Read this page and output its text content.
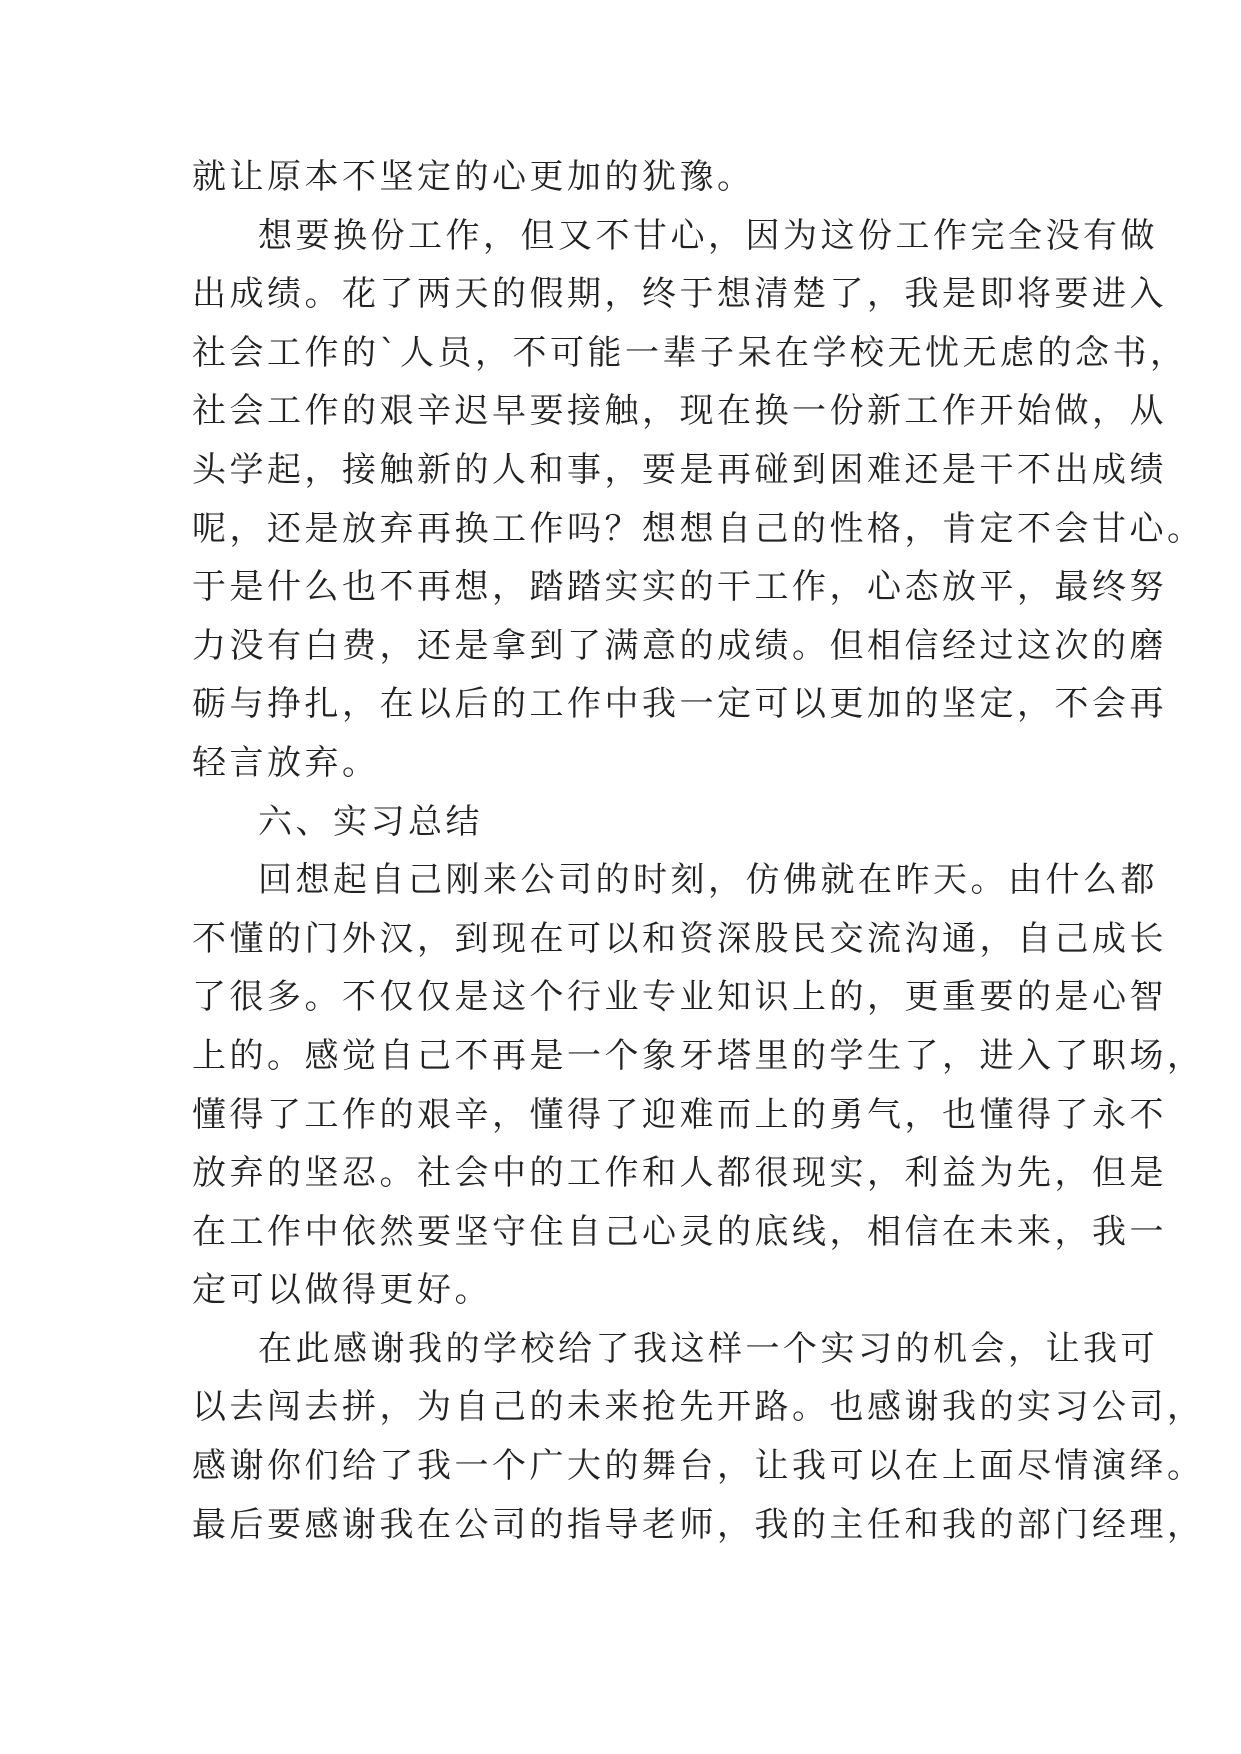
就让原本不坚定的心更加的犹豫。
想要换份工作，但又不甘心，因为这份工作完全没有做
出成绩。花了两天的假期，终于想清楚了，我是即将要进入
社会工作的`人员，不可能一辈子呆在学校无忧无虑的念书，
社会工作的艰辛迟早要接触，现在换一份新工作开始做，从
头学起，接触新的人和事，要是再碰到困难还是干不出成绩
呢，还是放弃再换工作吗？想想自己的性格，肯定不会甘心。
于是什么也不再想，踏踏实实的干工作，心态放平，最终努
力没有白费，还是拿到了满意的成绩。但相信经过这次的磨
砺与挣扎，在以后的工作中我一定可以更加的坚定，不会再
轻言放弃。
六、实习总结
回想起自己刚来公司的时刻，仿佛就在昨天。由什么都
不懂的门外汉，到现在可以和资深股民交流沟通，自己成长
了很多。不仅仅是这个行业专业知识上的，更重要的是心智
上的。感觉自己不再是一个象牙塔里的学生了，进入了职场，
懂得了工作的艰辛，懂得了迎难而上的勇气，也懂得了永不
放弃的坚忍。社会中的工作和人都很现实，利益为先，但是
在工作中依然要坚守住自己心灵的底线，相信在未来，我一
定可以做得更好。
在此感谢我的学校给了我这样一个实习的机会，让我可
以去闯去拼，为自己的未来抢先开路。也感谢我的实习公司，
感谢你们给了我一个广大的舞台，让我可以在上面尽情演绎。
最后要感谢我在公司的指导老师，我的主任和我的部门经理，
